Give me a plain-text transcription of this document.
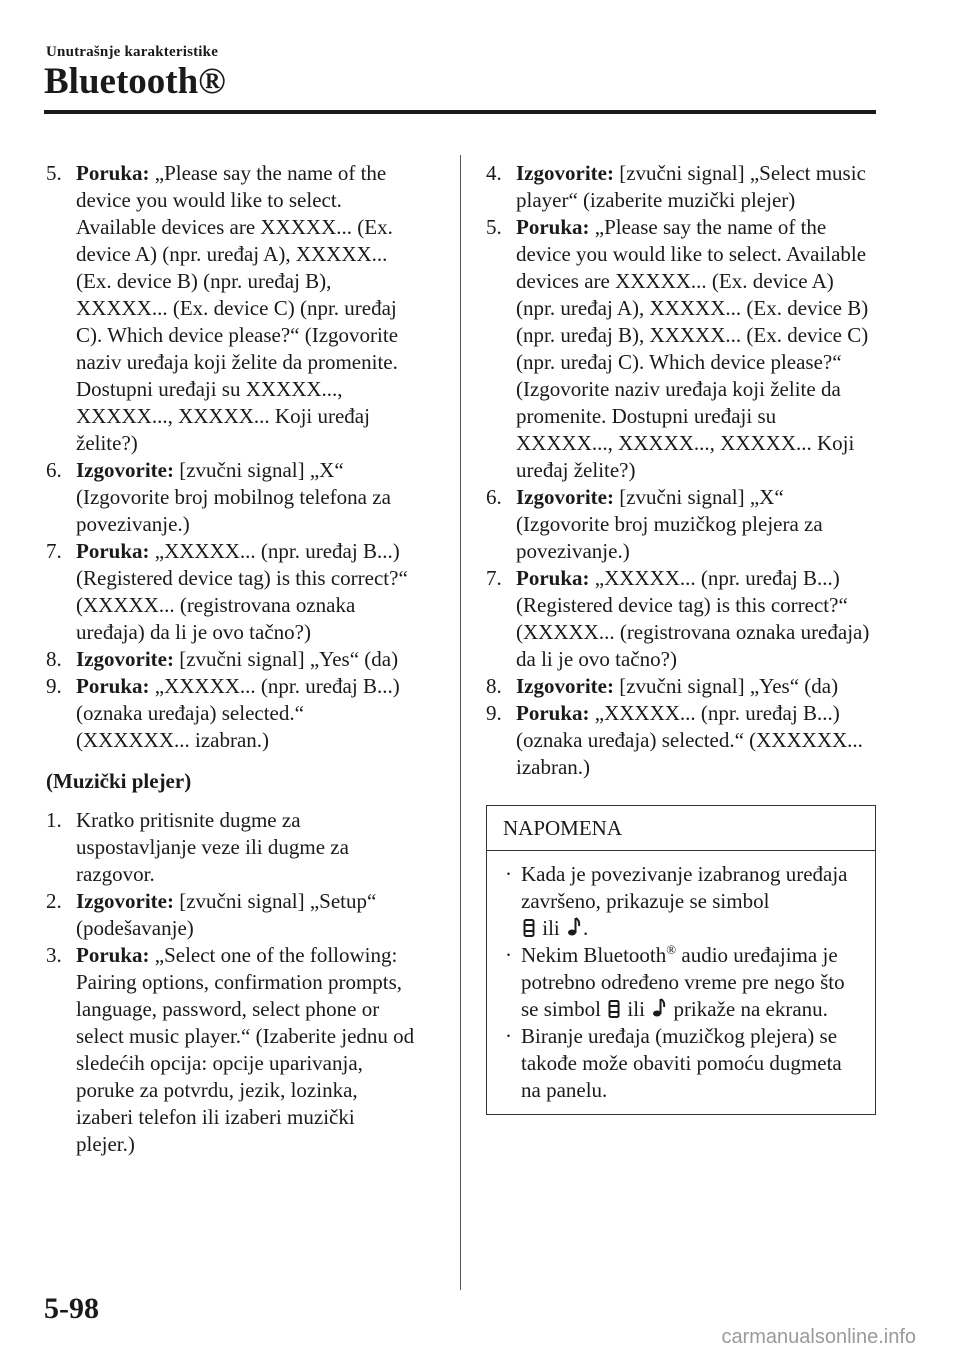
Unutrašnje karakteristike
Bluetooth®
5. Poruka: „Please say the name of the device you would like to select. Available devices are XXXXX... (Ex. device A) (npr. uređaj A), XXXXX... (Ex. device B) (npr. uređaj B), XXXXX... (Ex. device C) (npr. uređaj C). Which device please?“ (Izgovorite naziv uređaja koji želite da promenite. Dostupni uređaji su XXXXX..., XXXXX..., XXXXX... Koji uređaj želite?)
6. Izgovorite: [zvučni signal] „X“ (Izgovorite broj mobilnog telefona za povezivanje.)
7. Poruka: „XXXXX... (npr. uređaj B...) (Registered device tag) is this correct?“ (XXXXX... (registrovana oznaka uređaja) da li je ovo tačno?)
8. Izgovorite: [zvučni signal] „Yes“ (da)
9. Poruka: „XXXXX... (npr. uređaj B...) (oznaka uređaja) selected.“ (XXXXXX... izabran.)
(Muzički plejer)
1. Kratko pritisnite dugme za uspostavljanje veze ili dugme za razgovor.
2. Izgovorite: [zvučni signal] „Setup“ (podešavanje)
3. Poruka: „Select one of the following: Pairing options, confirmation prompts, language, password, select phone or select music player.“ (Izaberite jednu od sledećih opcija: opcije uparivanja, poruke za potvrdu, jezik, lozinka, izaberi telefon ili izaberi muzički plejer.)
4. Izgovorite: [zvučni signal] „Select music player“ (izaberite muzički plejer)
5. Poruka: „Please say the name of the device you would like to select. Available devices are XXXXX... (Ex. device A) (npr. uređaj A), XXXXX... (Ex. device B) (npr. uređaj B), XXXXX... (Ex. device C) (npr. uređaj C). Which device please?“ (Izgovorite naziv uređaja koji želite da promenite. Dostupni uređaji su XXXXX..., XXXXX..., XXXXX... Koji uređaj želite?)
6. Izgovorite: [zvučni signal] „X“ (Izgovorite broj muzičkog plejera za povezivanje.)
7. Poruka: „XXXXX... (npr. uređaj B...) (Registered device tag) is this correct?“ (XXXXX... (registrovana oznaka uređaja) da li je ovo tačno?)
8. Izgovorite: [zvučni signal] „Yes“ (da)
9. Poruka: „XXXXX... (npr. uređaj B...) (oznaka uređaja) selected.“ (XXXXXX... izabran.)
NAPOMENA
· Kada je povezivanje izabranog uređaja završeno, prikazuje se simbol
ili .
· Nekim Bluetooth® audio uređajima je potrebno određeno vreme pre nego što se simbol ili prikaže na ekranu.
· Biranje uređaja (muzičkog plejera) se takođe može obaviti pomoću dugmeta na panelu.
5-98
carmanualsonline.info
